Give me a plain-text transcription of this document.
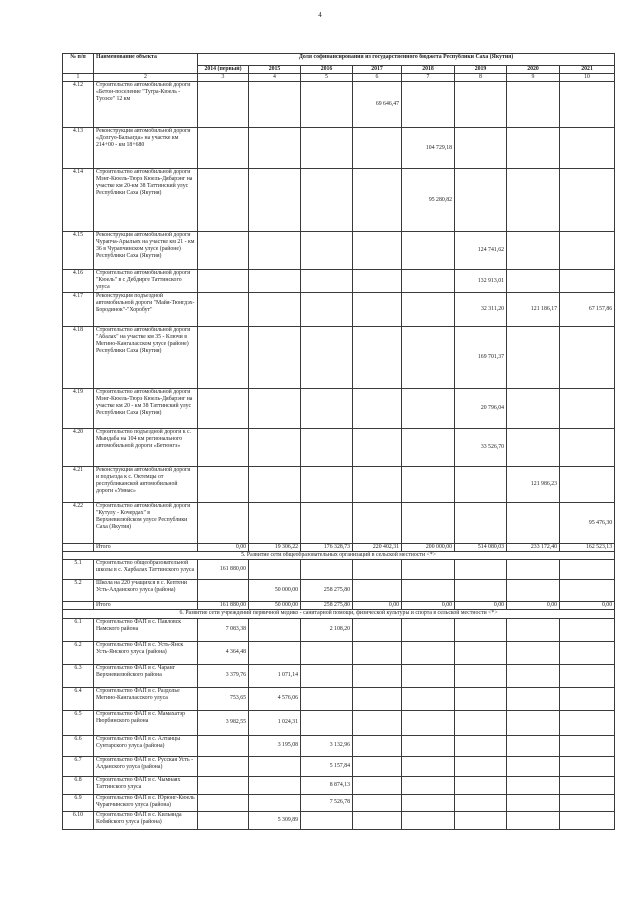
4
№ п/п	Наименование объекта	Доля софинансирования из государственного бюджета Республики Саха (Якутия)							
		2014 (первый)	2015	2016	2017	2018	2019	2020	2021
1	2	3	4	5	6	7	8	9	10
4.12	Строительство автомобильной дороги «Бетон-поселение "Тугра-Кюель - Туоэсе" 12 км				69 646,47				
4.13	Реконструкция автомобильной дороги «Долгуо-Бальагда» на участке км 214+00 - км 18+680					104 729,18			
4.14	Строительство автомобильной дороги Мэнг-Кюель-Тюрэ Кюель-Дябарэнг на участке км 20-км 38 Таттинский улус Республики Саха (Якутия)					95 280,82			
4.15	Реконструкция автомобильной дороги Чурапча-Арыльях на участке км 21 - км 36 в Чурапчинском улусе (районе) Республики Саха (Якутия)						124 741,62		
4.16	Строительство автомобильной дороги "Кюель" в с Дебдирге Таттинского улуса						132 913,01		
4.17	Реконструкция подъездной автомобильной дороги "Майя-Тюнгдэх-Бородинок"-"Хоробут"						32 311,20	121 186,17	67 157,86
4.18	Строительство автомобильной дороги "Абалах" на участке км 35 - Ключи в Мегино-Кангаласском улусе (районе) Республики Саха (Якутия)						169 701,37		
4.19	Строительство автомобильной дороги Мэнг-Кюель-Тюрэ Кюель-Дябарэнг на участке км 20 - км 38 Таттинский улус Республики Саха (Якутия)						20 796,04		
4.20	Строительство подъездной дороги к с. Мындаба на 104 км регионального автомобильной дороги «Бетюнгэ»						33 526,70		
4.21	Реконструкция автомобильной дороги и подъезда к с. Октемцы от республиканской автомобильной дороги «Умнас»							121 986,23	
4.22	Строительство автомобильной дороги "Кутулу - Кочердах" в Верхневилюйском улусе Республики Саха (Якутия)								95 476,30
	Итого	0,00	19 306,22	176 328,73	220 402,31	200 000,00	514 080,03	233 172,40	162 523,13
5. Развитие сети общеобразовательных организаций в сельской местности <*>									
5.1	Строительство общеобразовательной школы в с. Харбалах Таттинского улуса	161 880,00							
5.2	Школа на 220 учащихся в с. Кептени Усть-Алданского улуса (района)		50 000,00	258 275,80					
	Итого	161 880,00	50 000,00	258 275,80	0,00	0,00	0,00	0,00	0,00
6. Развитие сети учреждений первичной медико - санитарной помощи, физической культуры и спорта в сельской местности <*>									
6.1	Строительство ФАП в с. Павловск Намского района	7 083,38		2 108,20					
6.2	Строительство ФАП в с. Усть-Янск Усть-Янского улуса (района)	4 364,48							
6.3	Строительство ФАП в с. Чаранг Верхневилюйского района	3 379,76	1 071,14						
6.4	Строительство ФАП в с. Раздолье Мегино-Кангаласского улуса	753,65	4 576,06						
6.5	Строительство ФАП в с. Мамахатэр Нюрбинского района	3 982,55	1 024,31						
6.6	Строительство ФАП в с. Алтанцы Сунтарского улуса (района)		3 195,08	3 132,96					
6.7	Строительство ФАП в с. Русская Усть - Алданского улуса (района)			5 157,84					
6.8	Строительство ФАП в с. Чымнаях Таттинского улуса			8 874,13					
6.9	Строительство ФАП в с. Юрюнг-Кюель Чурапчинского улуса (района)			7 526,78					
6.10	Строительство ФАП в с. Кильянда Кобяйского улуса (района)		5 309,89						
